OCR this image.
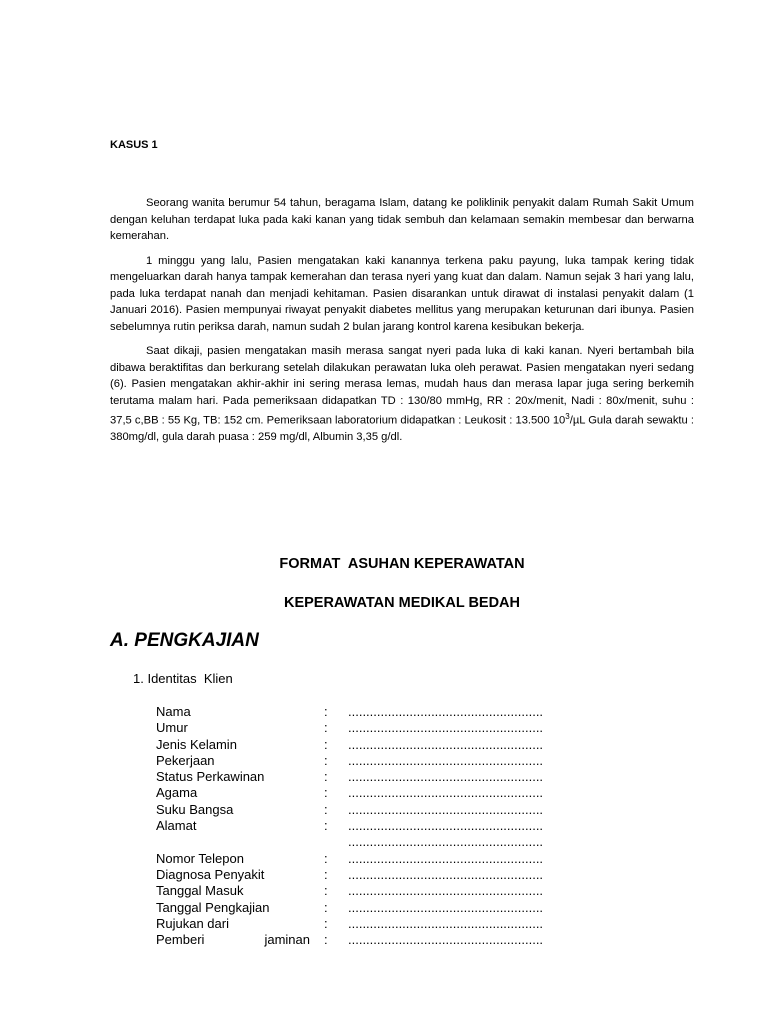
KASUS 1

Seorang wanita berumur 54 tahun, beragama Islam, datang ke poliklinik penyakit dalam Rumah Sakit Umum dengan keluhan terdapat luka pada kaki kanan yang tidak sembuh dan kelamaan semakin membesar dan berwarna kemerahan.

1 minggu yang lalu, Pasien mengatakan kaki kanannya terkena paku payung, luka tampak kering tidak mengeluarkan darah hanya tampak kemerahan dan terasa nyeri yang kuat dan dalam. Namun sejak 3 hari yang lalu, pada luka terdapat nanah dan menjadi kehitaman. Pasien disarankan untuk dirawat di instalasi penyakit dalam (1 Januari 2016). Pasien mempunyai riwayat penyakit diabetes mellitus yang merupakan keturunan dari ibunya. Pasien sebelumnya rutin periksa darah, namun sudah 2 bulan jarang kontrol karena kesibukan bekerja.

Saat dikaji, pasien mengatakan masih merasa sangat nyeri pada luka di kaki kanan. Nyeri bertambah bila dibawa beraktifitas dan berkurang setelah dilakukan perawatan luka oleh perawat. Pasien mengatakan nyeri sedang (6). Pasien mengatakan akhir-akhir ini sering merasa lemas, mudah haus dan merasa lapar juga sering berkemih terutama malam hari. Pada pemeriksaan didapatkan TD : 130/80 mmHg, RR : 20x/menit, Nadi : 80x/menit, suhu : 37,5 c,BB : 55 Kg, TB: 152 cm. Pemeriksaan laboratorium didapatkan : Leukosit : 13.500 $10^3/\mu L$ Gula darah sewaktu : 380mg/dl, gula darah puasa : 259 mg/dl, Albumin 3,35 g/dl.

FORMAT  ASUHAN KEPERAWATAN
KEPERAWATAN MEDIKAL BEDAH
A. PENGKAJIAN

1. Identitas  Klien

Nama	:	......................................................
Umur	:	......................................................
Jenis Kelamin	:	......................................................
Pekerjaan	:	......................................................
Status Perkawinan	:	......................................................
Agama	:	......................................................
Suku Bangsa	:	......................................................
Alamat	:	......................................................
......................................................
Nomor Telepon	:	......................................................
Diagnosa Penyakit	:	......................................................
Tanggal Masuk	:	......................................................
Tanggal Pengkajian	:	......................................................
Rujukan dari	:	......................................................
Pemberi	jaminan :	......................................................
